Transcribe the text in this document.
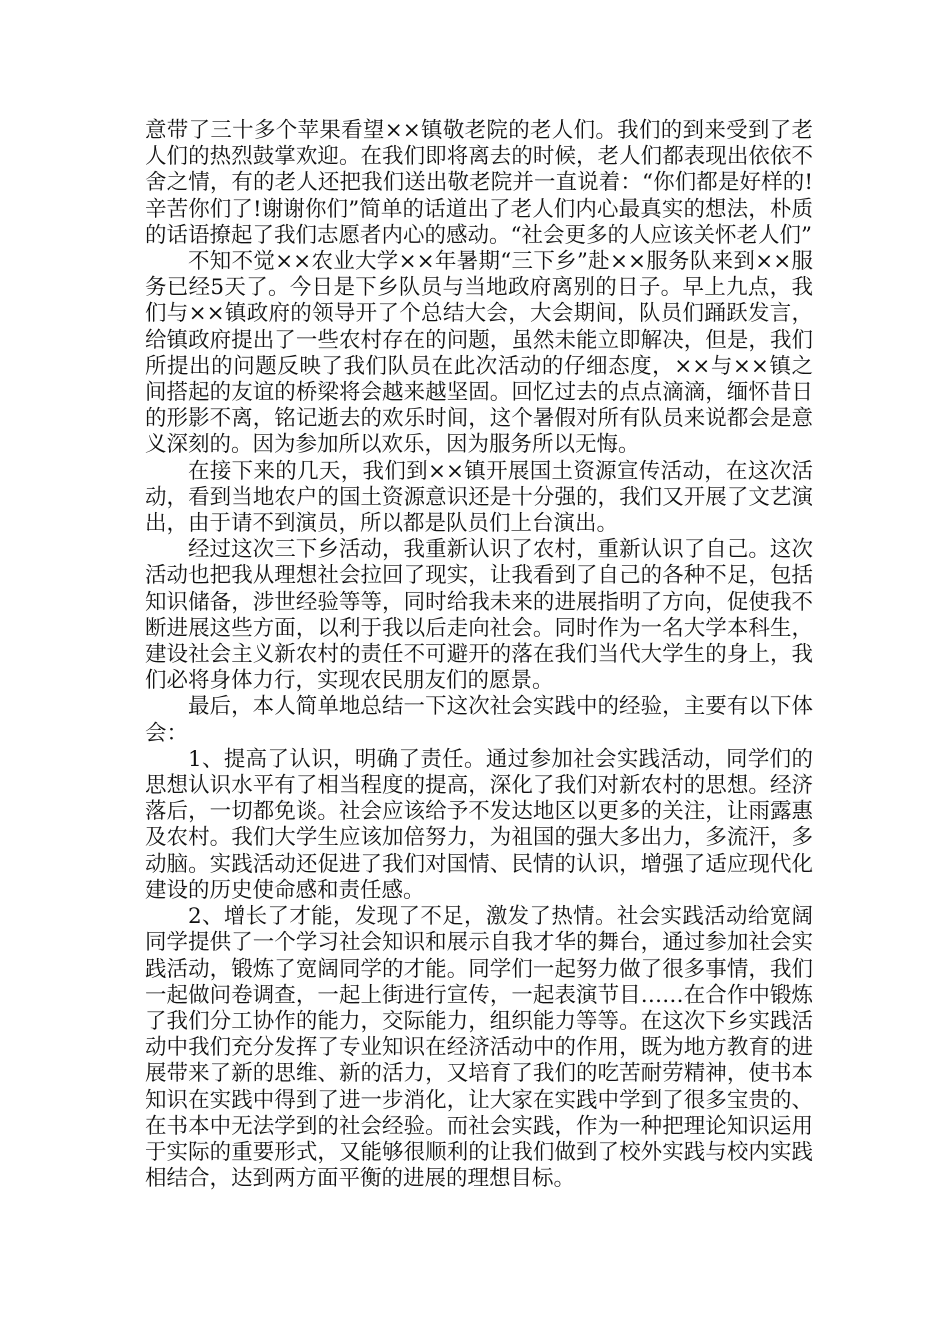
意带了三十多个苹果看望××镇敬老院的老人们。我们的到来受到了老人们的热烈鼓掌欢迎。在我们即将离去的时候，老人们都表现出依依不舍之情，有的老人还把我们送出敬老院并一直说着：“你们都是好样的!辛苦你们了!谢谢你们”简单的话道出了老人们内心最真实的想法，朴质的话语撩起了我们志愿者内心的感动。“社会更多的人应该关怀老人们”

不知不觉××农业大学××年暑期“三下乡”赴××服务队来到××服务已经5天了。今日是下乡队员与当地政府离别的日子。早上九点，我们与××镇政府的领导开了个总结大会，大会期间，队员们踊跃发言，给镇政府提出了一些农村存在的问题，虽然未能立即解决，但是，我们所提出的问题反映了我们队员在此次活动的仔细态度，××与××镇之间搭起的友谊的桥梁将会越来越坚固。回忆过去的点点滴滴，缅怀昔日的形影不离，铭记逝去的欢乐时间，这个暑假对所有队员来说都会是意义深刻的。因为参加所以欢乐，因为服务所以无悔。

在接下来的几天，我们到××镇开展国土资源宣传活动，在这次活动，看到当地农户的国土资源意识还是十分强的，我们又开展了文艺演出，由于请不到演员，所以都是队员们上台演出。

经过这次三下乡活动，我重新认识了农村，重新认识了自己。这次活动也把我从理想社会拉回了现实，让我看到了自己的各种不足，包括知识储备，涉世经验等等，同时给我未来的进展指明了方向，促使我不断进展这些方面，以利于我以后走向社会。同时作为一名大学本科生，建设社会主义新农村的责任不可避开的落在我们当代大学生的身上，我们必将身体力行，实现农民朋友们的愿景。

最后，本人简单地总结一下这次社会实践中的经验，主要有以下体会：

1、提高了认识，明确了责任。通过参加社会实践活动，同学们的思想认识水平有了相当程度的提高，深化了我们对新农村的思想。经济落后，一切都免谈。社会应该给予不发达地区以更多的关注，让雨露惠及农村。我们大学生应该加倍努力，为祖国的强大多出力，多流汗，多动脑。实践活动还促进了我们对国情、民情的认识，增强了适应现代化建设的历史使命感和责任感。

2、增长了才能，发现了不足，激发了热情。社会实践活动给宽阔同学提供了一个学习社会知识和展示自我才华的舞台，通过参加社会实践活动，锻炼了宽阔同学的才能。同学们一起努力做了很多事情，我们一起做问卷调查，一起上街进行宣传，一起表演节目……在合作中锻炼了我们分工协作的能力，交际能力，组织能力等等。在这次下乡实践活动中我们充分发挥了专业知识在经济活动中的作用，既为地方教育的进展带来了新的思维、新的活力，又培育了我们的吃苦耐劳精神，使书本知识在实践中得到了进一步消化，让大家在实践中学到了很多宝贵的、在书本中无法学到的社会经验。而社会实践，作为一种把理论知识运用于实际的重要形式，又能够很顺利的让我们做到了校外实践与校内实践相结合，达到两方面平衡的进展的理想目标。
